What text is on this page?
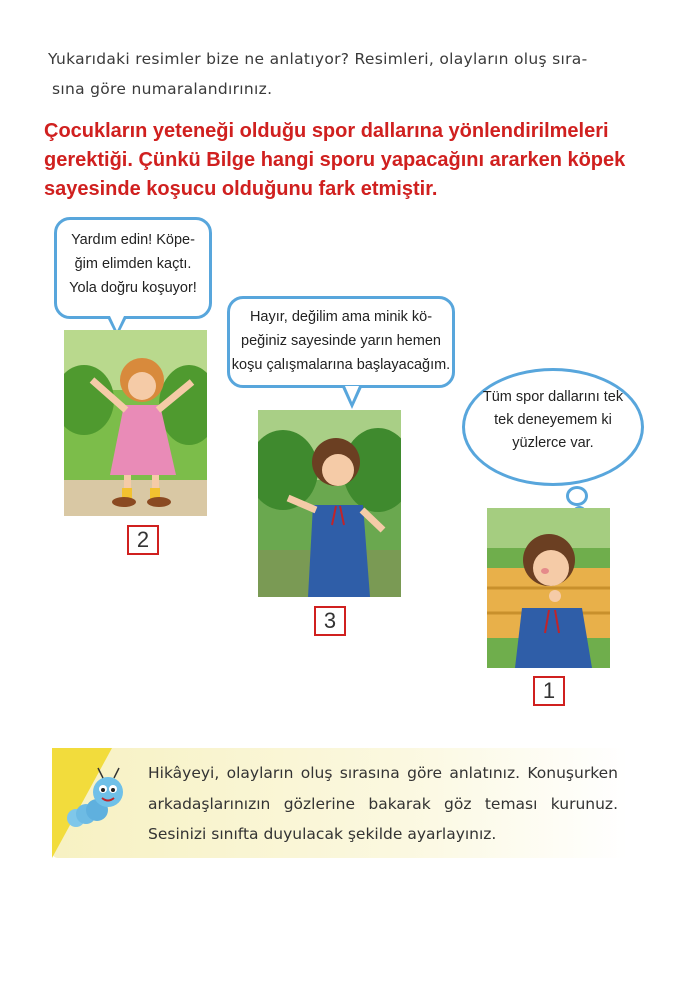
Yukarıdaki resimler bize ne anlatıyor? Resimleri, olayların oluş sıra-
sına göre numaralandırınız.
Çocukların yeteneği olduğu spor dallarına yönlendirilmeleri gerektiği. Çünkü Bilge hangi sporu yapacağını ararken köpek sayesinde koşucu olduğunu fark etmiştir.
Yardım edin! Köpe-
ğim elimden kaçtı.
Yola doğru koşuyor!
2
Hayır, değilim ama minik kö-
peğiniz sayesinde yarın hemen
koşu çalışmalarına başlayacağım.
3
Tüm spor dallarını tek
tek deneyemem ki
yüzlerce var.
1
Hikâyeyi, olayların oluş sırasına göre anlatınız. Konuşurken arkadaşlarınızın gözlerine bakarak göz teması kurunuz. Sesinizi sınıfta duyulacak şekilde ayarlayınız.
